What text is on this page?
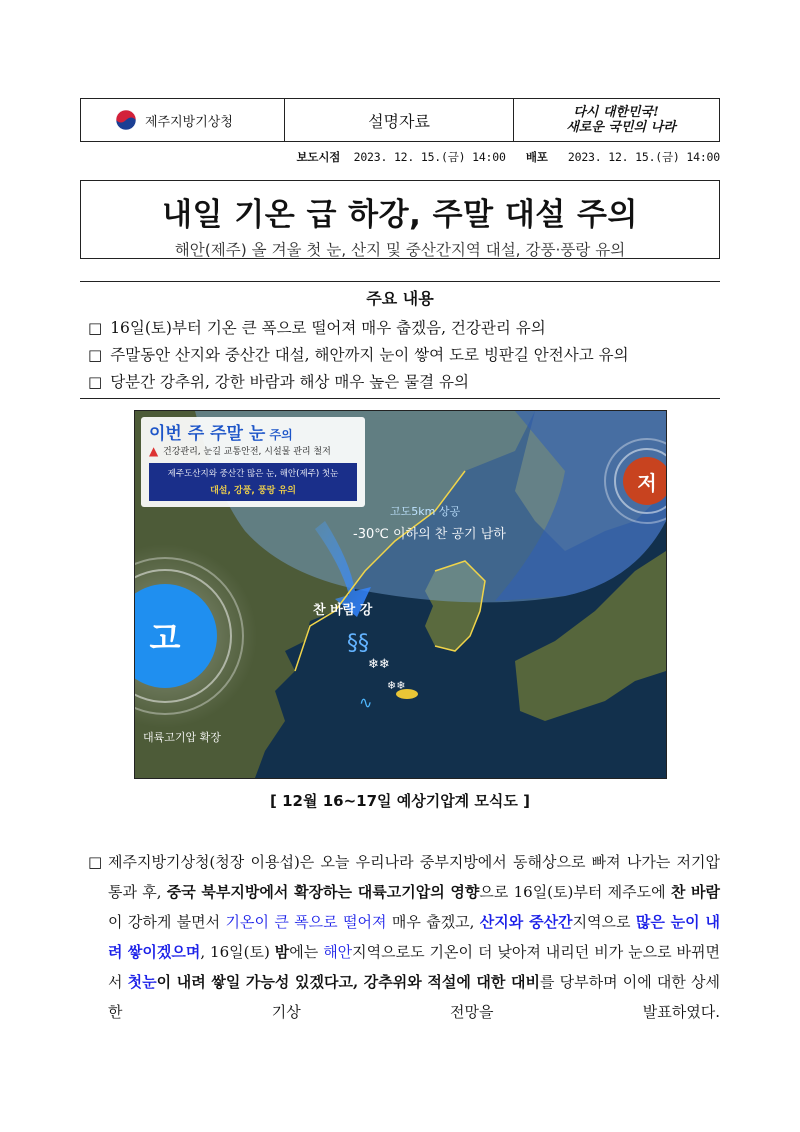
제주지방기상청	설명자료	다시 대한민국!
새로운 국민의 나라
보도시점 2023. 12. 15.(금) 14:00 배포 2023. 12. 15.(금) 14:00
내일 기온 급 하강, 주말 대설 주의
해안(제주) 올 겨울 첫 눈, 산지 및 중산간지역 대설, 강풍·풍랑 유의
주요 내용
□ 16일(토)부터 기온 큰 폭으로 떨어져 매우 춥겠음, 건강관리 유의
□ 주말동안 산지와 중산간 대설, 해안까지 눈이 쌓여 도로 빙판길 안전사고 유의
□ 당분간 강추위, 강한 바람과 해상 매우 높은 물결 유의
▲
이번 주 주말 눈 주의
건강관리, 눈길 교통안전, 시설물 관리 철저
제주도산지와 중산간 많은 눈, 해안(제주) 첫눈
대설, 강풍, 풍랑 유의
고도5km 상공
-30℃ 이하의 찬 공기 남하
찬 바람 강
고
저
대륙고기압 확장
§§
❄❄
❄❄
∿
[ 12월 16~17일 예상기압계 모식도 ]
□ 제주지방기상청(청장 이용섭)은 오늘 우리나라 중부지방에서 동해상으로 빠져 나가는 저기압 통과 후, 중국 북부지방에서 확장하는 대륙고기압의 영향으로 16일(토)부터 제주도에 찬 바람이 강하게 불면서 기온이 큰 폭으로 떨어져 매우 춥겠고, 산지와 중산간지역으로 많은 눈이 내려 쌓이겠으며, 16일(토) 밤에는 해안지역으로도 기온이 더 낮아져 내리던 비가 눈으로 바뀌면서 첫눈이 내려 쌓일 가능성 있겠다고, 강추위와 적설에 대한 대비를 당부하며 이에 대한 상세한 기상 전망을 발표하였다.
